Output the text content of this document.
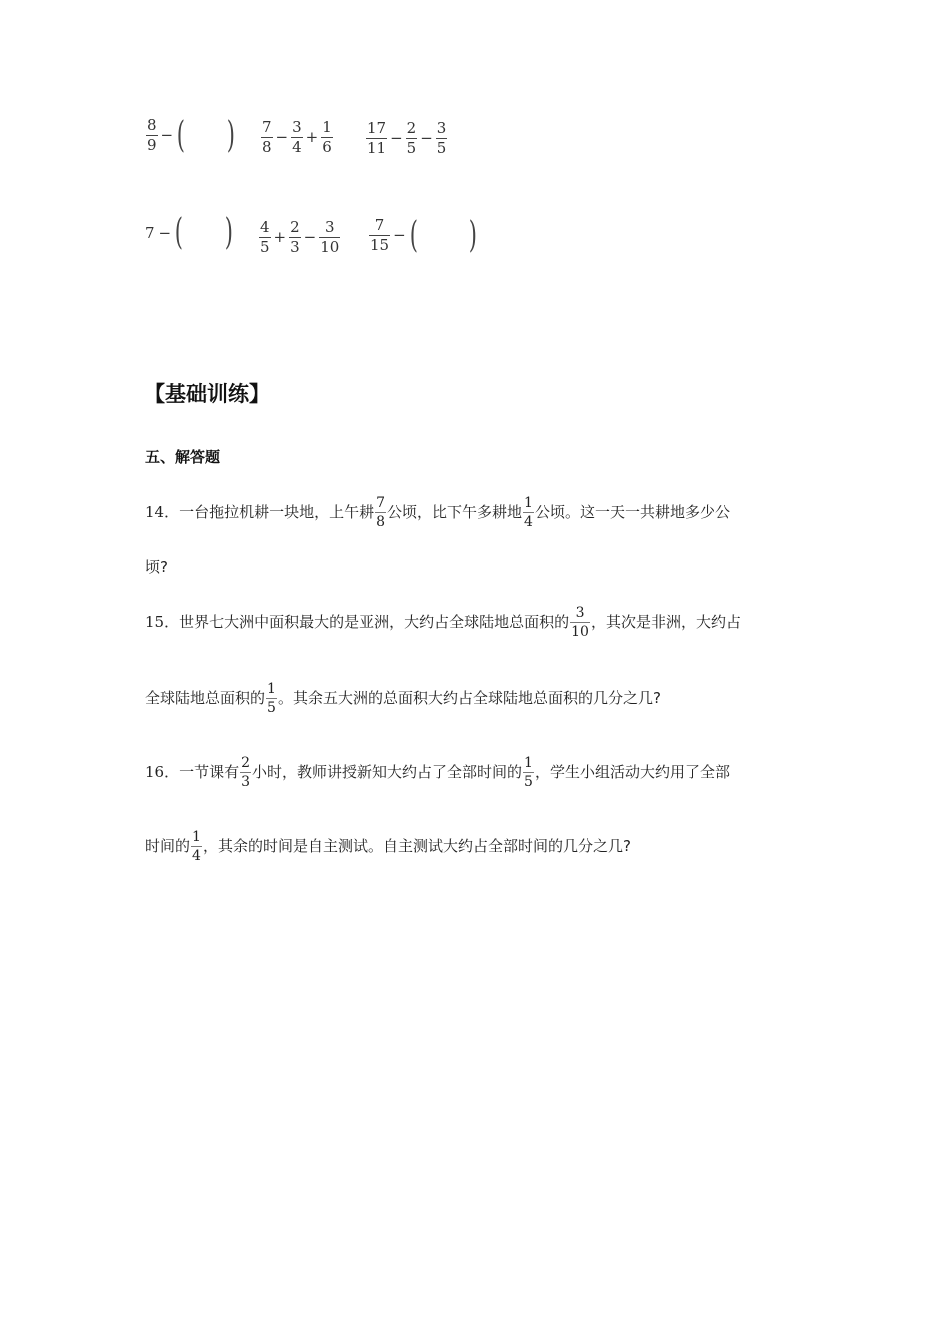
$\frac{8}{9}$ − ( ) $\frac{7}{8} - \frac{3}{4} + \frac{1}{6} \frac{17}{11} - \frac{2}{5} - \frac{3}{5}$
7 − ( ) $\frac{4}{5} + \frac{2}{3} - \frac{3}{10} \frac{7}{15}$ − ( )
【基础训练】
五、解答题
14．一台拖拉机耕一块地，上午耕 $\frac{7}{8}$ 公顷，比下午多耕地 $\frac{1}{4}$ 公顷。这一天一共耕地多少公
顷?
15．世界七大洲中面积最大的是亚洲，大约占全球陆地总面积的 $\frac{3}{10}$ ，其次是非洲，大约占
全球陆地总面积的 $\frac{1}{5}$ 。其余五大洲的总面积大约占全球陆地总面积的几分之几?
16．一节课有 $\frac{2}{3}$ 小时，教师讲授新知大约占了全部时间的 $\frac{1}{5}$ ，学生小组活动大约用了全部
时间的 $\frac{1}{4}$ ，其余的时间是自主测试。自主测试大约占全部时间的几分之几?
